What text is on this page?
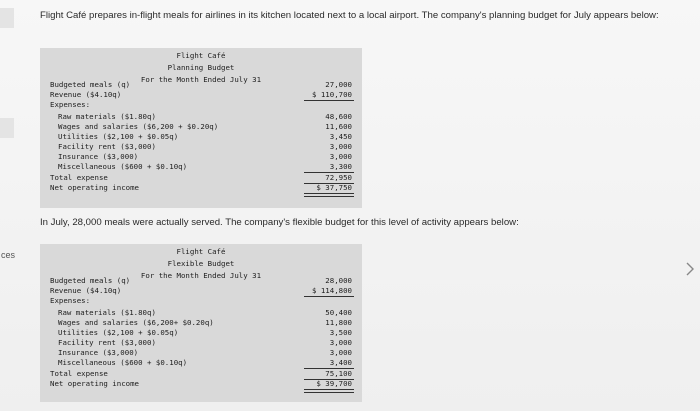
ces
Flight Café prepares in-flight meals for airlines in its kitchen located next to a local airport. The company's planning budget for July appears below:
Flight Café
Planning Budget
For the Month Ended July 31
Budgeted meals (q)	27,000
Revenue ($4.10q)	$ 110,700
Expenses:
Raw materials ($1.80q)	48,600
Wages and salaries ($6,200 + $0.20q)	11,600
Utilities ($2,100 + $0.05q)	3,450
Facility rent ($3,000)	3,000
Insurance ($3,000)	3,000
Miscellaneous ($600 + $0.10q)	3,300
Total expense	72,950
Net operating income	$ 37,750
In July, 28,000 meals were actually served. The company's flexible budget for this level of activity appears below:
Flight Café
Flexible Budget
For the Month Ended July 31
Budgeted meals (q)	28,000
Revenue ($4.10q)	$ 114,800
Expenses:
Raw materials ($1.80q)	50,400
Wages and salaries ($6,200+ $0.20q)	11,800
Utilities ($2,100 + $0.05q)	3,500
Facility rent ($3,000)	3,000
Insurance ($3,000)	3,000
Miscellaneous ($600 + $0.10q)	3,400
Total expense	75,100
Net operating income	$ 39,700
